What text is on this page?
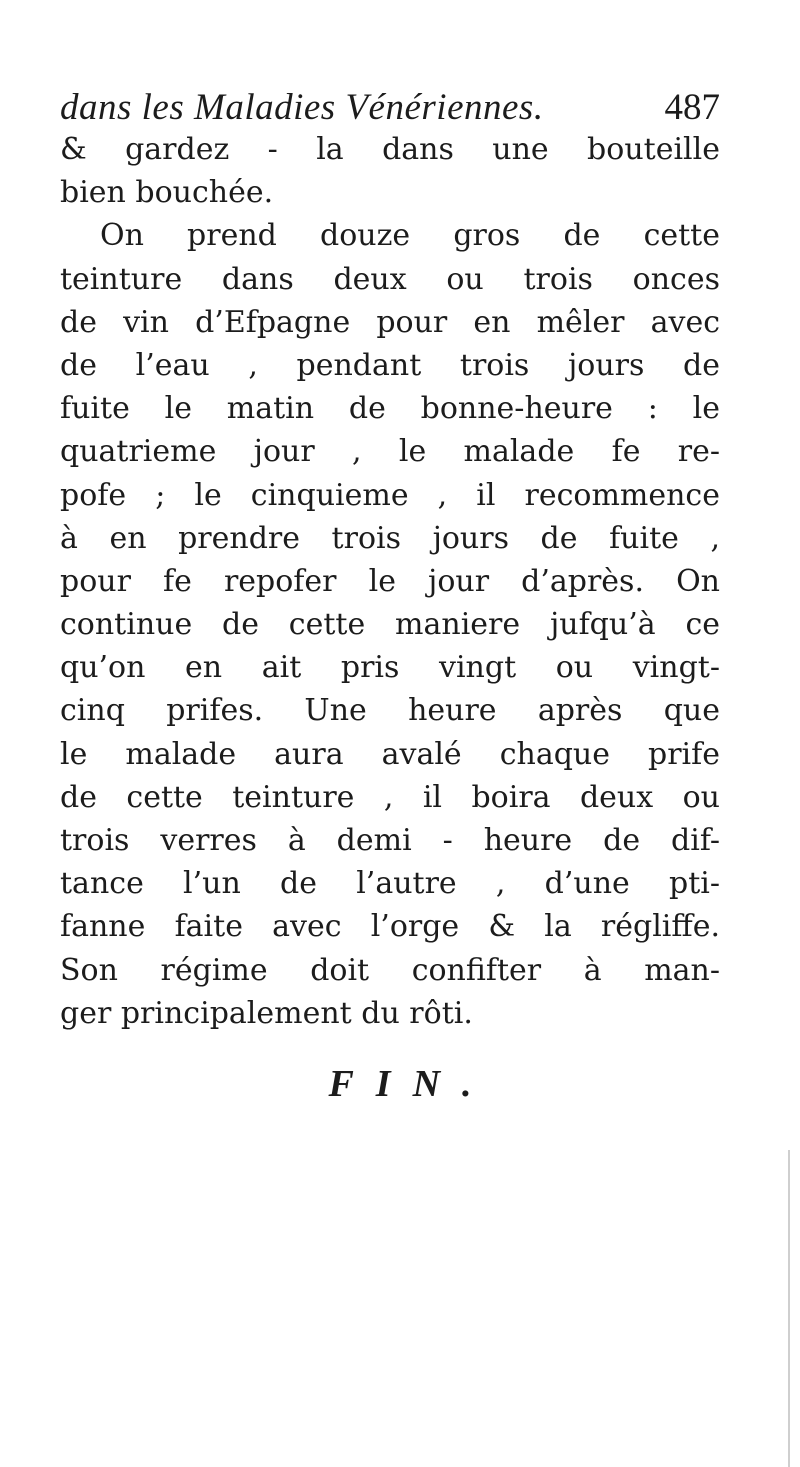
dans les Maladies Vénériennes.	487
& gardez - la dans une bouteille
bien bouchée.
On prend douze gros de cette
teinture dans deux ou trois onces
de vin d’Efpagne pour en mêler avec
de l’eau , pendant trois jours de
fuite le matin de bonne-heure : le
quatrieme jour , le malade fe re-
pofe ; le cinquieme , il recommence
à en prendre trois jours de fuite ,
pour fe repofer le jour d’après. On
continue de cette maniere jufqu’à ce
qu’on en ait pris vingt ou vingt-
cinq prifes. Une heure après que
le malade aura avalé chaque prife
de cette teinture , il boira deux ou
trois verres à demi - heure de dif-
tance l’un de l’autre , d’une pti-
fanne faite avec l’orge & la régliffe.
Son régime doit confifter à man-
ger principalement du rôti.
FIN.
